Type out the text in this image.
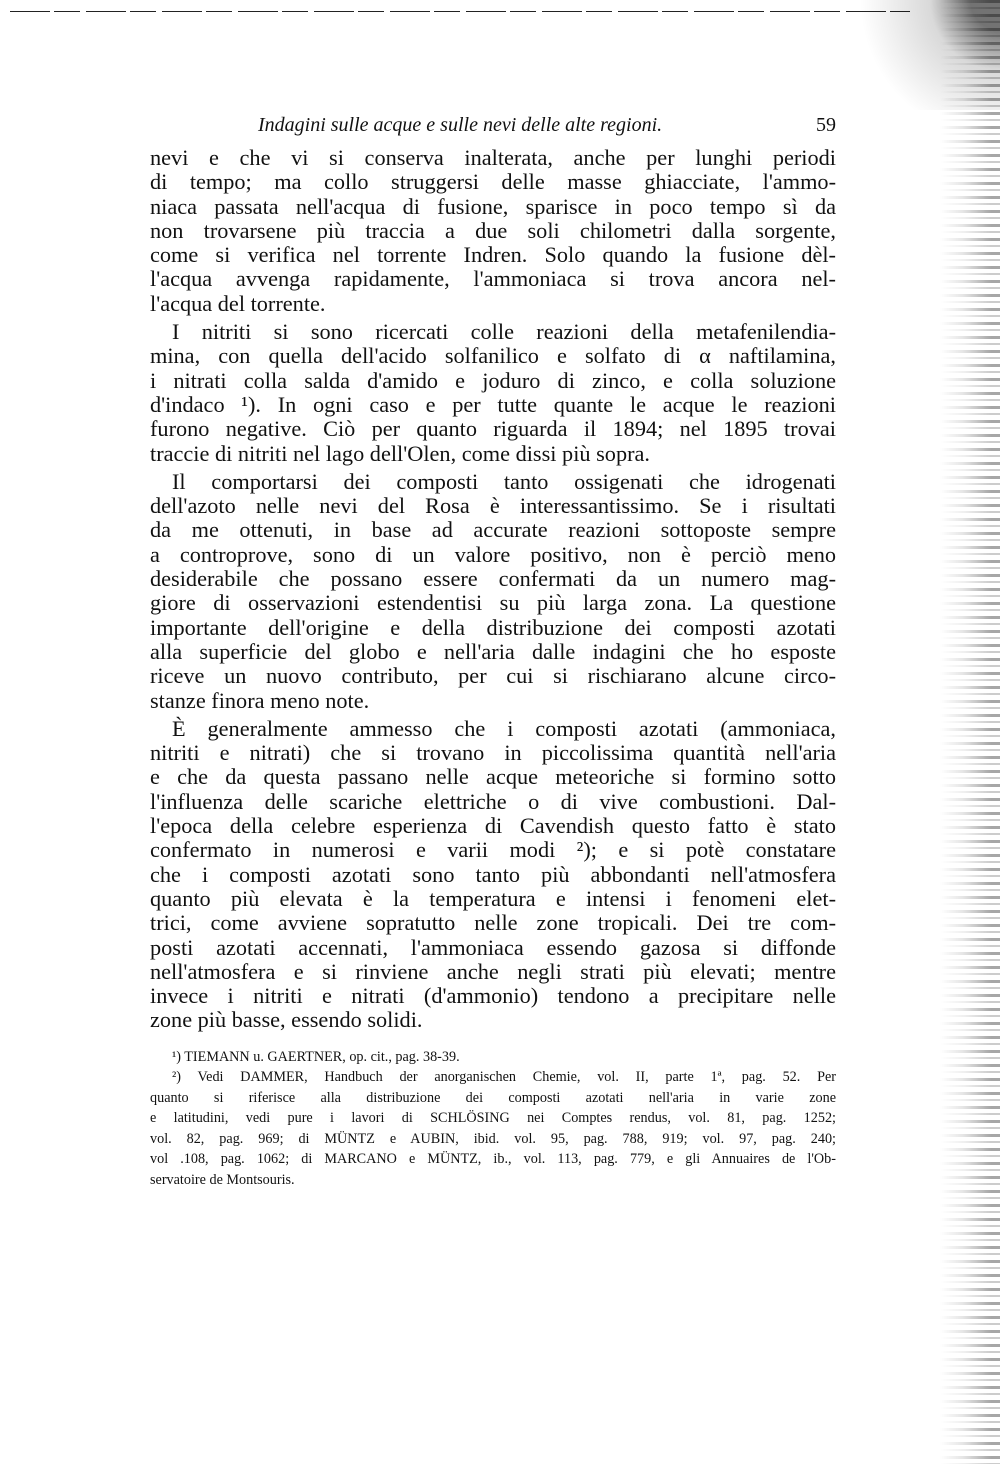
Indagini sulle acque e sulle nevi delle alte regioni.	59

nevi e che vi si conserva inalterata, anche per lunghi periodi
di tempo; ma collo struggersi delle masse ghiacciate, l'ammo-
niaca passata nell'acqua di fusione, sparisce in poco tempo sì da
non trovarsene più traccia a due soli chilometri dalla sorgente,
come si verifica nel torrente Indren. Solo quando la fusione dèl-
l'acqua avvenga rapidamente, l'ammoniaca si trova ancora nel-
l'acqua del torrente.

I nitriti si sono ricercati colle reazioni della metafenilendia-
mina, con quella dell'acido solfanilico e solfato di α naftilamina,
i nitrati colla salda d'amido e joduro di zinco, e colla soluzione
d'indaco ¹). In ogni caso e per tutte quante le acque le reazioni
furono negative. Ciò per quanto riguarda il 1894; nel 1895 trovai
traccie di nitriti nel lago dell'Olen, come dissi più sopra.

Il comportarsi dei composti tanto ossigenati che idrogenati
dell'azoto nelle nevi del Rosa è interessantissimo. Se i risultati
da me ottenuti, in base ad accurate reazioni sottoposte sempre
a controprove, sono di un valore positivo, non è perciò meno
desiderabile che possano essere confermati da un numero mag-
giore di osservazioni estendentisi su più larga zona. La questione
importante dell'origine e della distribuzione dei composti azotati
alla superficie del globo e nell'aria dalle indagini che ho esposte
riceve un nuovo contributo, per cui si rischiarano alcune circo-
stanze finora meno note.

È generalmente ammesso che i composti azotati (ammoniaca,
nitriti e nitrati) che si trovano in piccolissima quantità nell'aria
e che da questa passano nelle acque meteoriche si formino sotto
l'influenza delle scariche elettriche o di vive combustioni. Dal-
l'epoca della celebre esperienza di Cavendish questo fatto è stato
confermato in numerosi e varii modi ²); e si potè constatare
che i composti azotati sono tanto più abbondanti nell'atmosfera
quanto più elevata è la temperatura e intensi i fenomeni elet-
trici, come avviene sopratutto nelle zone tropicali. Dei tre com-
posti azotati accennati, l'ammoniaca essendo gazosa si diffonde
nell'atmosfera e si rinviene anche negli strati più elevati; mentre
invece i nitriti e nitrati (d'ammonio) tendono a precipitare nelle
zone più basse, essendo solidi.

¹) TIEMANN u. GAERTNER, op. cit., pag. 38-39.
²) Vedi DAMMER, Handbuch der anorganischen Chemie, vol. II, parte 1ª, pag. 52. Per
quanto si riferisce alla distribuzione dei composti azotati nell'aria in varie zone
e latitudini, vedi pure i lavori di SCHLÖSING nei Comptes rendus, vol. 81, pag. 1252;
vol. 82, pag. 969; di MÜNTZ e AUBIN, ibid. vol. 95, pag. 788, 919; vol. 97, pag. 240;
vol .108, pag. 1062; di MARCANO e MÜNTZ, ib., vol. 113, pag. 779, e gli Annuaires de l'Ob-
servatoire de Montsouris.
